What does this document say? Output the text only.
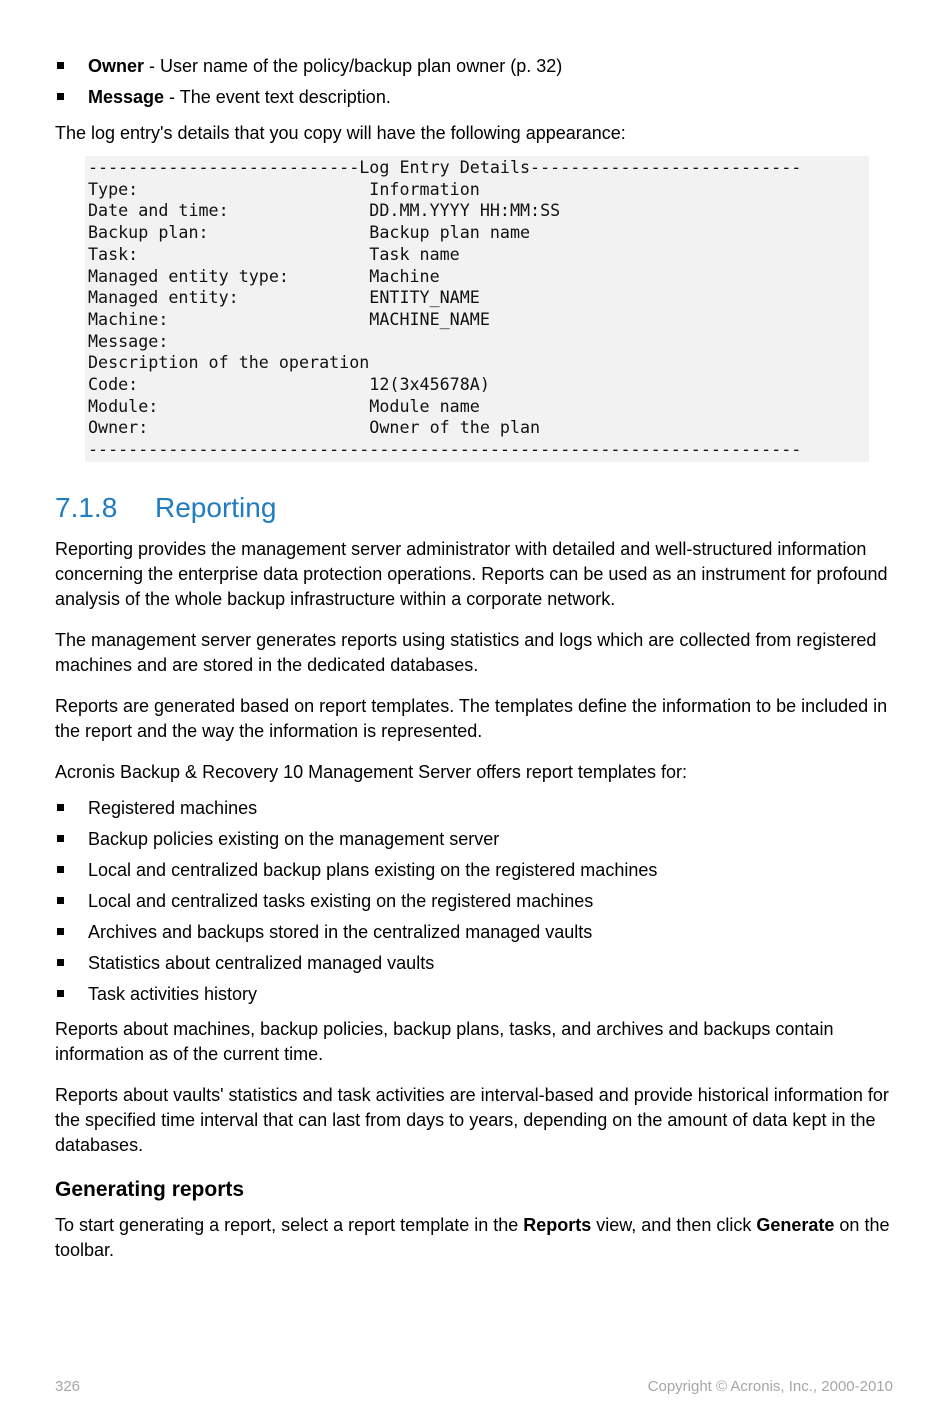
Owner - User name of the policy/backup plan owner (p. 32)
Message - The event text description.

The log entry's details that you copy will have the following appearance:

---------------------------Log Entry Details---------------------------
Type:                       Information
Date and time:              DD.MM.YYYY HH:MM:SS
Backup plan:                Backup plan name
Task:                       Task name
Managed entity type:        Machine
Managed entity:             ENTITY_NAME
Machine:                    MACHINE_NAME
Message:
Description of the operation
Code:                       12(3x45678A)
Module:                     Module name
Owner:                      Owner of the plan
-----------------------------------------------------------------------

7.1.8 Reporting

Reporting provides the management server administrator with detailed and well-structured information concerning the enterprise data protection operations. Reports can be used as an instrument for profound analysis of the whole backup infrastructure within a corporate network.

The management server generates reports using statistics and logs which are collected from registered machines and are stored in the dedicated databases.

Reports are generated based on report templates. The templates define the information to be included in the report and the way the information is represented.

Acronis Backup & Recovery 10 Management Server offers report templates for:

Registered machines
Backup policies existing on the management server
Local and centralized backup plans existing on the registered machines
Local and centralized tasks existing on the registered machines
Archives and backups stored in the centralized managed vaults
Statistics about centralized managed vaults
Task activities history

Reports about machines, backup policies, backup plans, tasks, and archives and backups contain information as of the current time.

Reports about vaults' statistics and task activities are interval-based and provide historical information for the specified time interval that can last from days to years, depending on the amount of data kept in the databases.

Generating reports

To start generating a report, select a report template in the Reports view, and then click Generate on the toolbar.

326	Copyright © Acronis, Inc., 2000-2010
